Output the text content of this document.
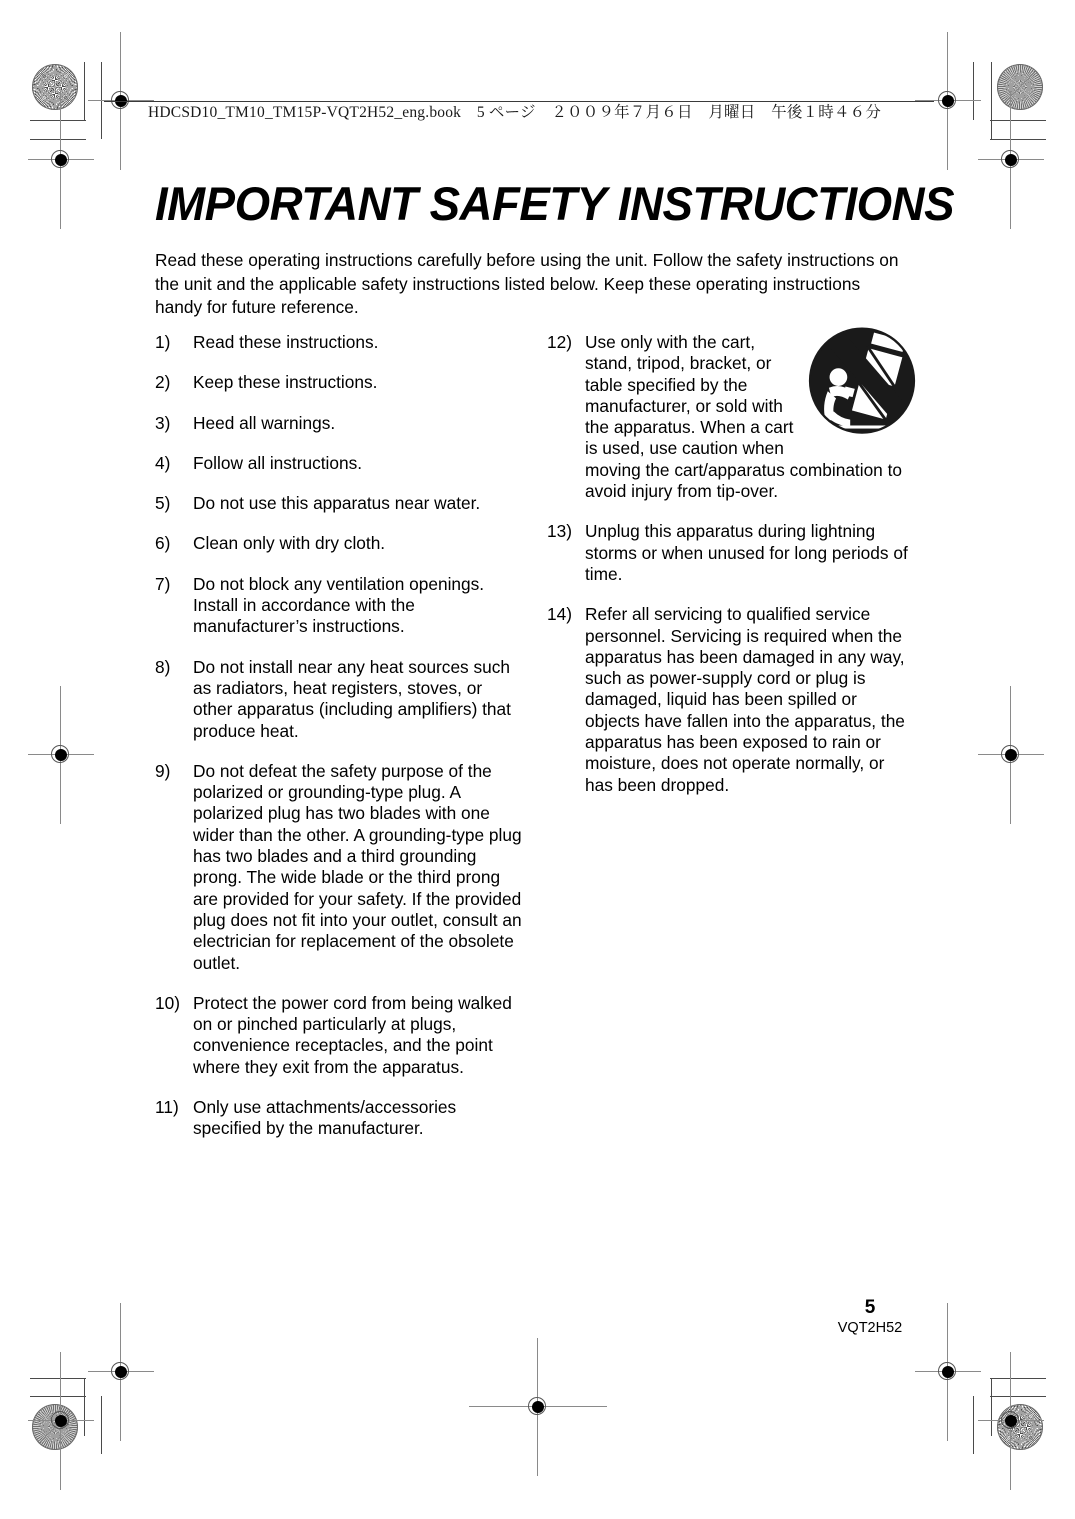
HDCSD10_TM10_TM15P-VQT2H52_eng.book　5 ページ　２００９年７月６日　月曜日　午後１時４６分
IMPORTANT SAFETY INSTRUCTIONS

Read these operating instructions carefully before using the unit. Follow the safety instructions on the unit and the applicable safety instructions listed below. Keep these operating instructions handy for future reference.

1)	Read these instructions.
2)	Keep these instructions.
3)	Heed all warnings.
4)	Follow all instructions.
5)	Do not use this apparatus near water.
6)	Clean only with dry cloth.
7)	Do not block any ventilation openings. Install in accordance with the manufacturer’s instructions.
8)	Do not install near any heat sources such as radiators, heat registers, stoves, or other apparatus (including amplifiers) that produce heat.
9)	Do not defeat the safety purpose of the polarized or grounding-type plug. A polarized plug has two blades with one wider than the other. A grounding-type plug has two blades and a third grounding prong. The wide blade or the third prong are provided for your safety. If the provided plug does not fit into your outlet, consult an electrician for replacement of the obsolete outlet.
10) Protect the power cord from being walked on or pinched particularly at plugs, convenience receptacles, and the point where they exit from the apparatus.
11) Only use attachments/accessories specified by the manufacturer.
12) Use only with the cart, stand, tripod, bracket, or table specified by the manufacturer, or sold with the apparatus. When a cart is used, use caution when moving the cart/apparatus combination to avoid injury from tip-over.
13) Unplug this apparatus during lightning storms or when unused for long periods of time.
14) Refer all servicing to qualified service personnel. Servicing is required when the apparatus has been damaged in any way, such as power-supply cord or plug is damaged, liquid has been spilled or objects have fallen into the apparatus, the apparatus has been exposed to rain or moisture, does not operate normally, or has been dropped.
5
VQT2H52
